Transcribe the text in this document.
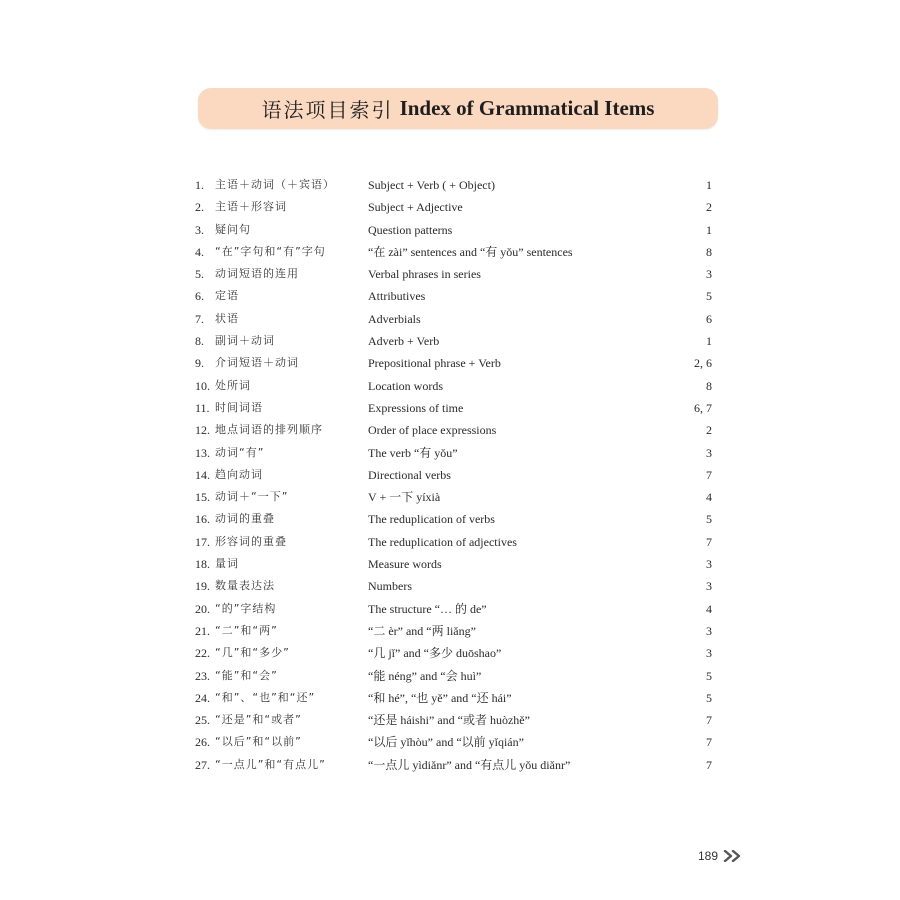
语法项目索引 Index of Grammatical Items
1. 主语＋动词（＋宾语）	Subject + Verb ( + Object)	1
2. 主语＋形容词	Subject + Adjective	2
3. 疑问句	Question patterns	1
4. “在”字句和“有”字句	“在 zài” sentences and “有 yǒu” sentences	8
5. 动词短语的连用	Verbal phrases in series	3
6. 定语	Attributives	5
7. 状语	Adverbials	6
8. 副词＋动词	Adverb + Verb	1
9. 介词短语＋动词	Prepositional phrase + Verb	2, 6
10. 处所词	Location words	8
11. 时间词语	Expressions of time	6, 7
12. 地点词语的排列顺序	Order of place expressions	2
13. 动词“有”	The verb “有 yǒu”	3
14. 趋向动词	Directional verbs	7
15. 动词＋“一下”	V + 一下 yíxià	4
16. 动词的重叠	The reduplication of verbs	5
17. 形容词的重叠	The reduplication of adjectives	7
18. 量词	Measure words	3
19. 数量表达法	Numbers	3
20. “的”字结构	The structure “… 的 de”	4
21. “二”和“两”	“二 èr” and “两 liǎng”	3
22. “几”和“多少”	“几 jǐ” and “多少 duōshao”	3
23. “能”和“会”	“能 néng” and “会 huì”	5
24. “和”、“也”和“还”	“和 hé”, “也 yě” and “还 hái”	5
25. “还是”和“或者”	“还是 háishi” and “或者 huòzhě”	7
26. “以后”和“以前”	“以后 yǐhòu” and “以前 yǐqián”	7
27. “一点儿”和“有点儿”	“一点儿 yìdiǎnr” and “有点儿 yǒu diǎnr”	7
189
